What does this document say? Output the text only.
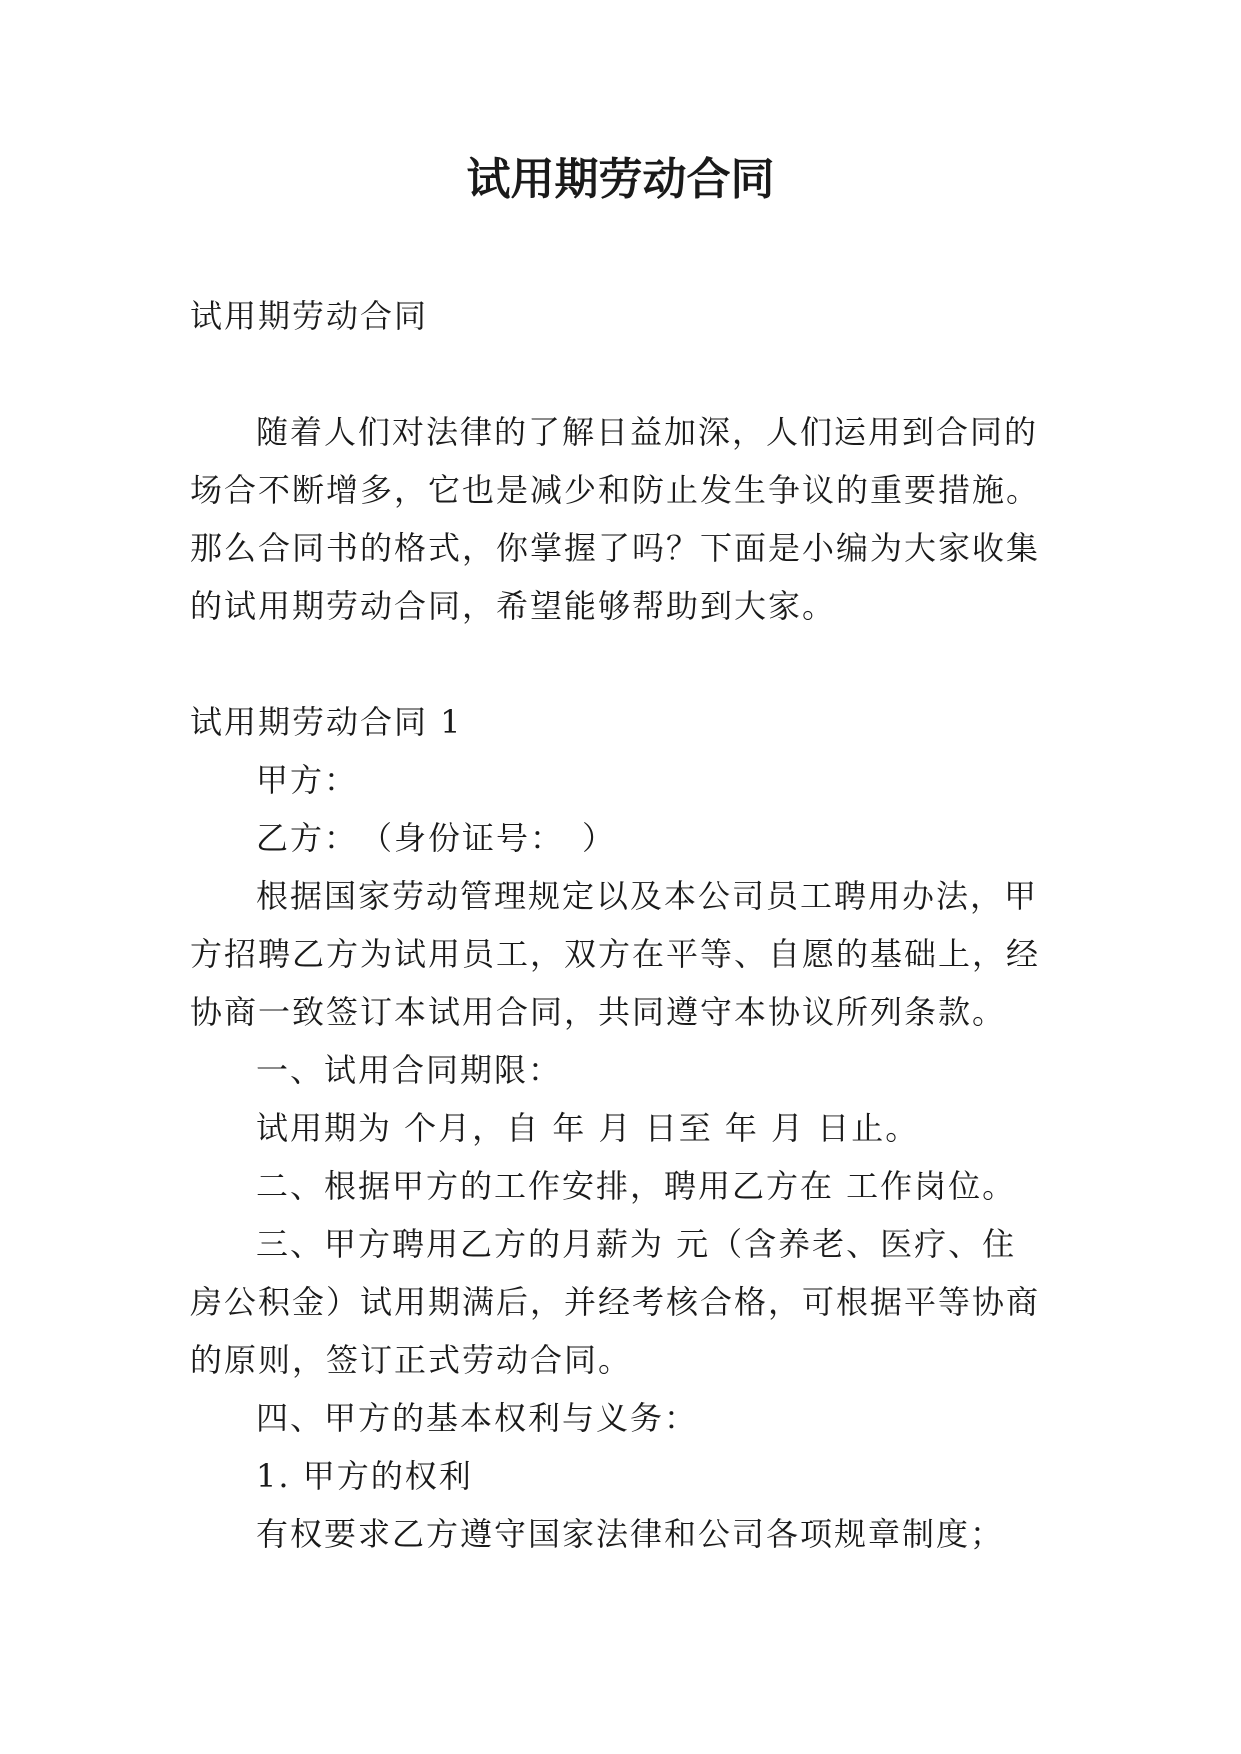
试用期劳动合同

试用期劳动合同

随着人们对法律的了解日益加深，人们运用到合同的场合不断增多，它也是减少和防止发生争议的重要措施。那么合同书的格式，你掌握了吗？下面是小编为大家收集的试用期劳动合同，希望能够帮助到大家。

试用期劳动合同 1

甲方：

乙方：　（身份证号：　）

根据国家劳动管理规定以及本公司员工聘用办法，甲方招聘乙方为试用员工，双方在平等、自愿的基础上，经协商一致签订本试用合同，共同遵守本协议所列条款。

一、试用合同期限：

试用期为 个月，自 年 月 日至 年 月 日止。

二、根据甲方的工作安排，聘用乙方在 工作岗位。

三、甲方聘用乙方的月薪为 元（含养老、医疗、住房公积金）试用期满后，并经考核合格，可根据平等协商的原则，签订正式劳动合同。

四、甲方的基本权利与义务：

1. 甲方的权利

有权要求乙方遵守国家法律和公司各项规章制度；
